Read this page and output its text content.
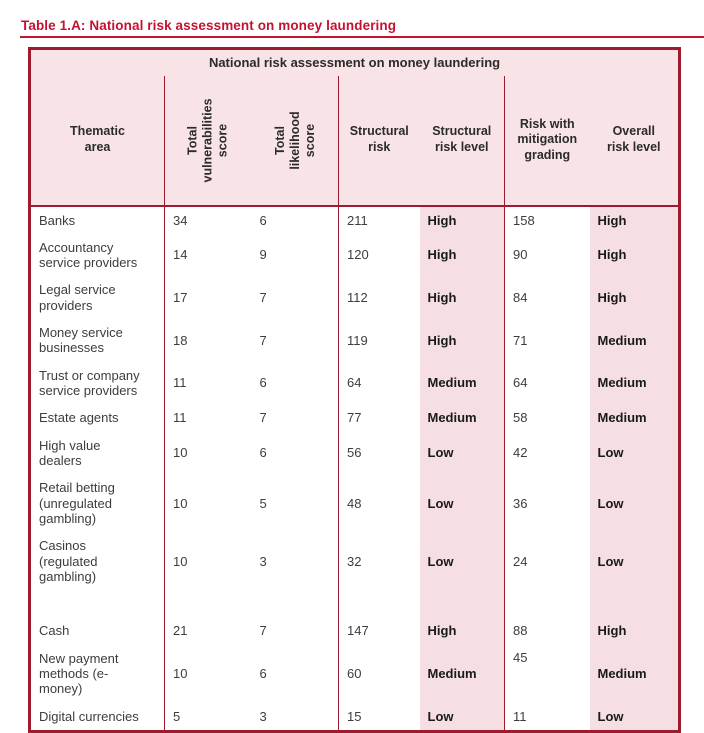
Table 1.A: National risk assessment on money laundering
National risk assessment on money laundering						
Thematic area	Total vulnerabilities score	Total likelihood score	Structural risk	Structural risk level	Risk with mitigation grading	Overall risk level
Banks	34	6	211	High	158	High
Accountancy service providers	14	9	120	High	90	High
Legal service providers	17	7	112	High	84	High
Money service businesses	18	7	119	High	71	Medium
Trust or company service providers	11	6	64	Medium	64	Medium
Estate agents	11	7	77	Medium	58	Medium
High value dealers	10	6	56	Low	42	Low
Retail betting (unregulated gambling)	10	5	48	Low	36	Low
Casinos (regulated gambling)	10	3	32	Low	24	Low

Cash	21	7	147	High	88	High
New payment methods (e-money)	10	6	60	Medium	45	Medium
Digital currencies	5	3	15	Low	11	Low
